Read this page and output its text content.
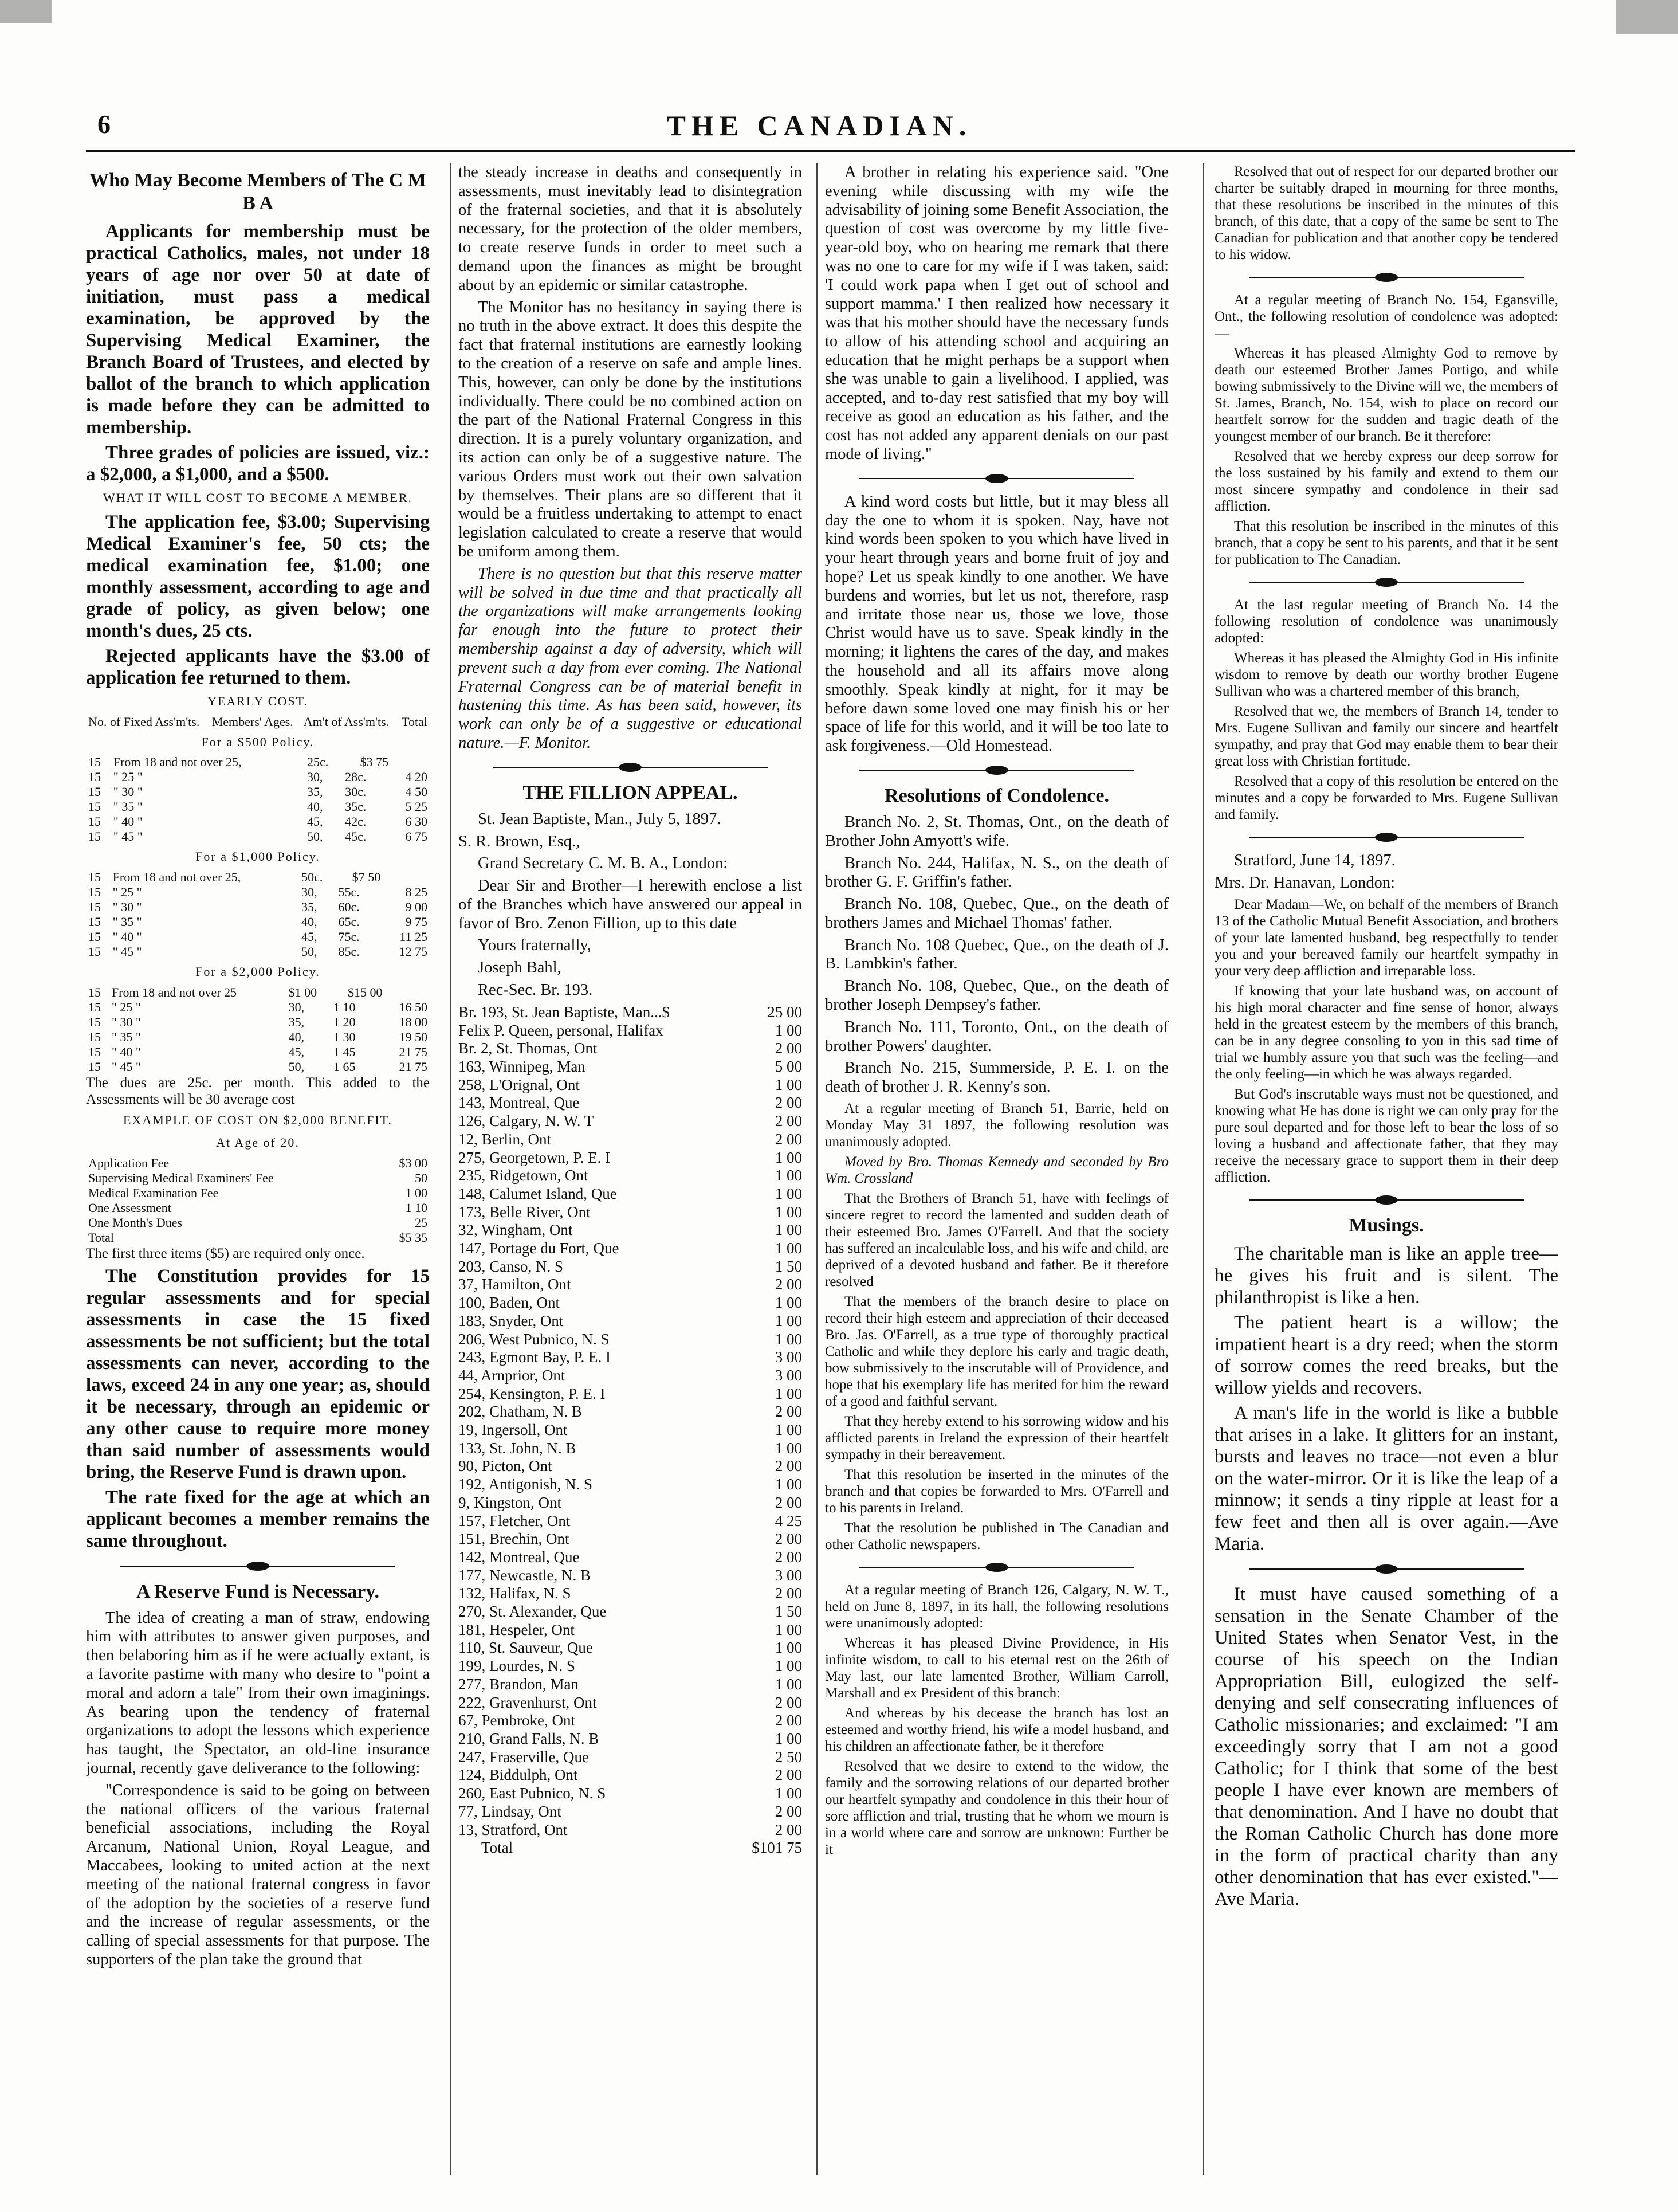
6	THE CANADIAN.
Who May Become Members of The C M B A

Applicants for membership must be practical Catholics, males, not under 18 years of age nor over 50 at date of initiation, must pass a medical examination, be approved by the Supervising Medical Examiner, the Branch Board of Trustees, and elected by ballot of the branch to which application is made before they can be admitted to membership.

Three grades of policies are issued, viz.: a $2,000, a $1,000, and a $500.

WHAT IT WILL COST TO BECOME A MEMBER.

The application fee, $3.00; Supervising Medical Examiner's fee, 50 cts; the medical examination fee, $1.00; one monthly assessment, according to age and grade of policy, as given below; one month's dues, 25 cts.

Rejected applicants have the $3.00 of application fee returned to them.

YEARLY COST.
No. of Fixed Ass'm'ts.	Members' Ages.	Am't of Ass'm'ts.	Total
For a $500 Policy.
15	From 18 and not over 25,	25c.	$3 75	
15	" 25 "	30,	28c.	4 20
15	" 30 "	35,	30c.	4 50
15	" 35 "	40,	35c.	5 25
15	" 40 "	45,	42c.	6 30
15	" 45 "	50,	45c.	6 75
For a $1,000 Policy.
15	From 18 and not over 25,	50c.	$7 50	
15	" 25 "	30,	55c.	8 25
15	" 30 "	35,	60c.	9 00
15	" 35 "	40,	65c.	9 75
15	" 40 "	45,	75c.	11 25
15	" 45 "	50,	85c.	12 75
For a $2,000 Policy.
15	From 18 and not over 25	$1 00	$15 00	
15	" 25 "	30,	1 10	16 50
15	" 30 "	35,	1 20	18 00
15	" 35 "	40,	1 30	19 50
15	" 40 "	45,	1 45	21 75
15	" 45 "	50,	1 65	21 75

The dues are 25c. per month. This added to the Assessments will be 30 average cost

EXAMPLE OF COST ON $2,000 BENEFIT.
At Age of 20.
Application Fee	$3 00
Supervising Medical Examiners' Fee	50
Medical Examination Fee	1 00
One Assessment	1 10
One Month's Dues	25
Total	$5 35

The first three items ($5) are required only once.

The Constitution provides for 15 regular assessments and for special assessments in case the 15 fixed assessments be not sufficient; but the total assessments can never, according to the laws, exceed 24 in any one year; as, should it be necessary, through an epidemic or any other cause to require more money than said number of assessments would bring, the Reserve Fund is drawn upon.

The rate fixed for the age at which an applicant becomes a member remains the same throughout.

A Reserve Fund is Necessary.

The idea of creating a man of straw, endowing him with attributes to answer given purposes, and then belaboring him as if he were actually extant, is a favorite pastime with many who desire to "point a moral and adorn a tale" from their own imaginings. As bearing upon the tendency of fraternal organizations to adopt the lessons which experience has taught, the Spectator, an old-line insurance journal, recently gave deliverance to the following:

"Correspondence is said to be going on between the national officers of the various fraternal beneficial associations, including the Royal Arcanum, National Union, Royal League, and Maccabees, looking to united action at the next meeting of the national fraternal congress in favor of the adoption by the societies of a reserve fund and the increase of regular assessments, or the calling of special assessments for that purpose. The supporters of the plan take the ground that

the steady increase in deaths and consequently in assessments, must inevitably lead to disintegration of the fraternal societies, and that it is absolutely necessary, for the protection of the older members, to create reserve funds in order to meet such a demand upon the finances as might be brought about by an epidemic or similar catastrophe.

The Monitor has no hesitancy in saying there is no truth in the above extract. It does this despite the fact that fraternal institutions are earnestly looking to the creation of a reserve on safe and ample lines. This, however, can only be done by the institutions individually. There could be no combined action on the part of the National Fraternal Congress in this direction. It is a purely voluntary organization, and its action can only be of a suggestive nature. The various Orders must work out their own salvation by themselves. Their plans are so different that it would be a fruitless undertaking to attempt to enact legislation calculated to create a reserve that would be uniform among them.

There is no question but that this reserve matter will be solved in due time and that practically all the organizations will make arrangements looking far enough into the future to protect their membership against a day of adversity, which will prevent such a day from ever coming. The National Fraternal Congress can be of material benefit in hastening this time. As has been said, however, its work can only be of a suggestive or educational nature.—F. Monitor.

THE FILLION APPEAL.

St. Jean Baptiste, Man., July 5, 1897.

S. R. Brown, Esq.,

Grand Secretary C. M. B. A., London:

Dear Sir and Brother—I herewith enclose a list of the Branches which have answered our appeal in favor of Bro. Zenon Fillion, up to this date

Yours fraternally,

Joseph Bahl,

Rec-Sec. Br. 193.

Br. 193, St. Jean Baptiste, Man...$	25 00
Felix P. Queen, personal, Halifax	1 00
Br. 2, St. Thomas, Ont	2 00
163, Winnipeg, Man	5 00
258, L'Orignal, Ont	1 00
143, Montreal, Que	2 00
126, Calgary, N. W. T	2 00
12, Berlin, Ont	2 00
275, Georgetown, P. E. I	1 00
235, Ridgetown, Ont	1 00
148, Calumet Island, Que	1 00
173, Belle River, Ont	1 00
32, Wingham, Ont	1 00
147, Portage du Fort, Que	1 00
203, Canso, N. S	1 50
37, Hamilton, Ont	2 00
100, Baden, Ont	1 00
183, Snyder, Ont	1 00
206, West Pubnico, N. S	1 00
243, Egmont Bay, P. E. I	3 00
44, Arnprior, Ont	3 00
254, Kensington, P. E. I	1 00
202, Chatham, N. B	2 00
19, Ingersoll, Ont	1 00
133, St. John, N. B	1 00
90, Picton, Ont	2 00
192, Antigonish, N. S	1 00
9, Kingston, Ont	2 00
157, Fletcher, Ont	4 25
151, Brechin, Ont	2 00
142, Montreal, Que	2 00
177, Newcastle, N. B	3 00
132, Halifax, N. S	2 00
270, St. Alexander, Que	1 50
181, Hespeler, Ont	1 00
110, St. Sauveur, Que	1 00
199, Lourdes, N. S	1 00
277, Brandon, Man	1 00
222, Gravenhurst, Ont	2 00
67, Pembroke, Ont	2 00
210, Grand Falls, N. B	1 00
247, Fraserville, Que	2 50
124, Biddulph, Ont	2 00
260, East Pubnico, N. S	1 00
77, Lindsay, Ont	2 00
13, Stratford, Ont	2 00
Total	$101 75

A brother in relating his experience said. "One evening while discussing with my wife the advisability of joining some Benefit Association, the question of cost was overcome by my little five-year-old boy, who on hearing me remark that there was no one to care for my wife if I was taken, said: 'I could work papa when I get out of school and support mamma.' I then realized how necessary it was that his mother should have the necessary funds to allow of his attending school and acquiring an education that he might perhaps be a support when she was unable to gain a livelihood. I applied, was accepted, and to-day rest satisfied that my boy will receive as good an education as his father, and the cost has not added any apparent denials on our past mode of living."

A kind word costs but little, but it may bless all day the one to whom it is spoken. Nay, have not kind words been spoken to you which have lived in your heart through years and borne fruit of joy and hope? Let us speak kindly to one another. We have burdens and worries, but let us not, therefore, rasp and irritate those near us, those we love, those Christ would have us to save. Speak kindly in the morning; it lightens the cares of the day, and makes the household and all its affairs move along smoothly. Speak kindly at night, for it may be before dawn some loved one may finish his or her space of life for this world, and it will be too late to ask forgiveness.—Old Homestead.

Resolutions of Condolence.

Branch No. 2, St. Thomas, Ont., on the death of Brother John Amyott's wife.

Branch No. 244, Halifax, N. S., on the death of brother G. F. Griffin's father.

Branch No. 108, Quebec, Que., on the death of brothers James and Michael Thomas' father.

Branch No. 108 Quebec, Que., on the death of J. B. Lambkin's father.

Branch No. 108, Quebec, Que., on the death of brother Joseph Dempsey's father.

Branch No. 111, Toronto, Ont., on the death of brother Powers' daughter.

Branch No. 215, Summerside, P. E. I. on the death of brother J. R. Kenny's son.

At a regular meeting of Branch 51, Barrie, held on Monday May 31 1897, the following resolution was unanimously adopted.

Moved by Bro. Thomas Kennedy and seconded by Bro Wm. Crossland

That the Brothers of Branch 51, have with feelings of sincere regret to record the lamented and sudden death of their esteemed Bro. James O'Farrell. And that the society has suffered an incalculable loss, and his wife and child, are deprived of a devoted husband and father. Be it therefore resolved

That the members of the branch desire to place on record their high esteem and appreciation of their deceased Bro. Jas. O'Farrell, as a true type of thoroughly practical Catholic and while they deplore his early and tragic death, bow submissively to the inscrutable will of Providence, and hope that his exemplary life has merited for him the reward of a good and faithful servant.

That they hereby extend to his sorrowing widow and his afflicted parents in Ireland the expression of their heartfelt sympathy in their bereavement.

That this resolution be inserted in the minutes of the branch and that copies be forwarded to Mrs. O'Farrell and to his parents in Ireland.

That the resolution be published in The Canadian and other Catholic newspapers.

At a regular meeting of Branch 126, Calgary, N. W. T., held on June 8, 1897, in its hall, the following resolutions were unanimously adopted:

Whereas it has pleased Divine Providence, in His infinite wisdom, to call to his eternal rest on the 26th of May last, our late lamented Brother, William Carroll, Marshall and ex President of this branch:

And whereas by his decease the branch has lost an esteemed and worthy friend, his wife a model husband, and his children an affectionate father, be it therefore

Resolved that we desire to extend to the widow, the family and the sorrowing relations of our departed brother our heartfelt sympathy and condolence in this their hour of sore affliction and trial, trusting that he whom we mourn is in a world where care and sorrow are unknown: Further be it

Resolved that out of respect for our departed brother our charter be suitably draped in mourning for three months, that these resolutions be inscribed in the minutes of this branch, of this date, that a copy of the same be sent to The Canadian for publication and that another copy be tendered to his widow.

At a regular meeting of Branch No. 154, Egansville, Ont., the following resolution of condolence was adopted:—

Whereas it has pleased Almighty God to remove by death our esteemed Brother James Portigo, and while bowing submissively to the Divine will we, the members of St. James, Branch, No. 154, wish to place on record our heartfelt sorrow for the sudden and tragic death of the youngest member of our branch. Be it therefore:

Resolved that we hereby express our deep sorrow for the loss sustained by his family and extend to them our most sincere sympathy and condolence in their sad affliction.

That this resolution be inscribed in the minutes of this branch, that a copy be sent to his parents, and that it be sent for publication to The Canadian.

At the last regular meeting of Branch No. 14 the following resolution of condolence was unanimously adopted:

Whereas it has pleased the Almighty God in His infinite wisdom to remove by death our worthy brother Eugene Sullivan who was a chartered member of this branch,

Resolved that we, the members of Branch 14, tender to Mrs. Eugene Sullivan and family our sincere and heartfelt sympathy, and pray that God may enable them to bear their great loss with Christian fortitude.

Resolved that a copy of this resolution be entered on the minutes and a copy be forwarded to Mrs. Eugene Sullivan and family.

Stratford, June 14, 1897.

Mrs. Dr. Hanavan, London:

Dear Madam—We, on behalf of the members of Branch 13 of the Catholic Mutual Benefit Association, and brothers of your late lamented husband, beg respectfully to tender you and your bereaved family our heartfelt sympathy in your very deep affliction and irreparable loss.

If knowing that your late husband was, on account of his high moral character and fine sense of honor, always held in the greatest esteem by the members of this branch, can be in any degree consoling to you in this sad time of trial we humbly assure you that such was the feeling—and the only feeling—in which he was always regarded.

But God's inscrutable ways must not be questioned, and knowing what He has done is right we can only pray for the pure soul departed and for those left to bear the loss of so loving a husband and affectionate father, that they may receive the necessary grace to support them in their deep affliction.

Musings.

The charitable man is like an apple tree—he gives his fruit and is silent. The philanthropist is like a hen.

The patient heart is a willow; the impatient heart is a dry reed; when the storm of sorrow comes the reed breaks, but the willow yields and recovers.

A man's life in the world is like a bubble that arises in a lake. It glitters for an instant, bursts and leaves no trace—not even a blur on the water-mirror. Or it is like the leap of a minnow; it sends a tiny ripple at least for a few feet and then all is over again.—Ave Maria.

It must have caused something of a sensation in the Senate Chamber of the United States when Senator Vest, in the course of his speech on the Indian Appropriation Bill, eulogized the self-denying and self consecrating influences of Catholic missionaries; and exclaimed: "I am exceedingly sorry that I am not a good Catholic; for I think that some of the best people I have ever known are members of that denomination. And I have no doubt that the Roman Catholic Church has done more in the form of practical charity than any other denomination that has ever existed."—Ave Maria.
